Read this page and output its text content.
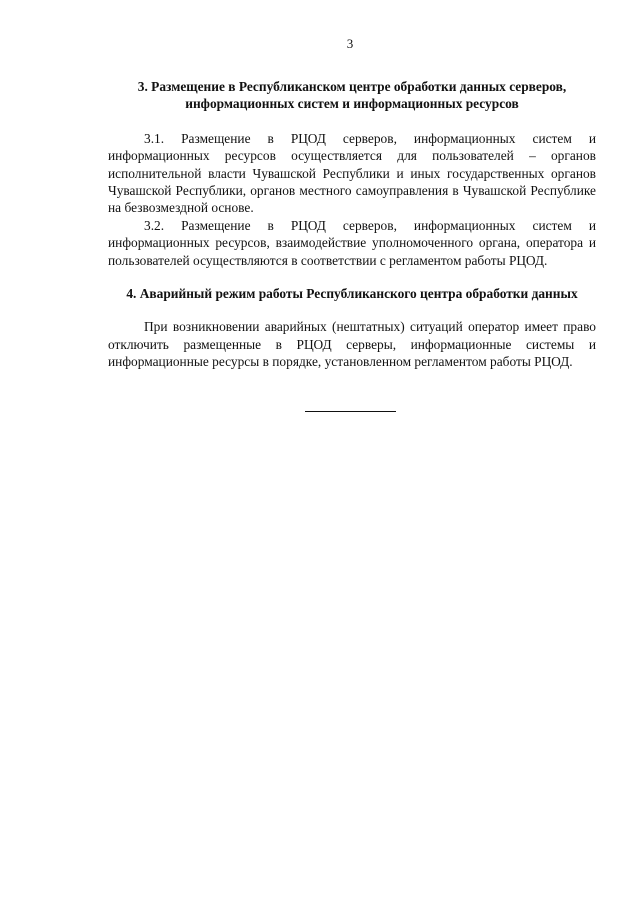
3

3. Размещение в Республиканском центре обработки данных серверов, информационных систем и информационных ресурсов

3.1. Размещение в РЦОД серверов, информационных систем и информационных ресурсов осуществляется для пользователей – органов исполнительной власти Чувашской Республики и иных государственных органов Чувашской Республики, органов местного самоуправления в Чувашской Республике на безвозмездной основе.

3.2. Размещение в РЦОД серверов, информационных систем и информационных ресурсов, взаимодействие уполномоченного органа, оператора и пользователей осуществляются в соответствии с регламентом работы РЦОД.

4. Аварийный режим работы Республиканского центра обработки данных

При возникновении аварийных (нештатных) ситуаций оператор имеет право отключить размещенные в РЦОД серверы, информационные системы и информационные ресурсы в порядке, установленном регламентом работы РЦОД.
